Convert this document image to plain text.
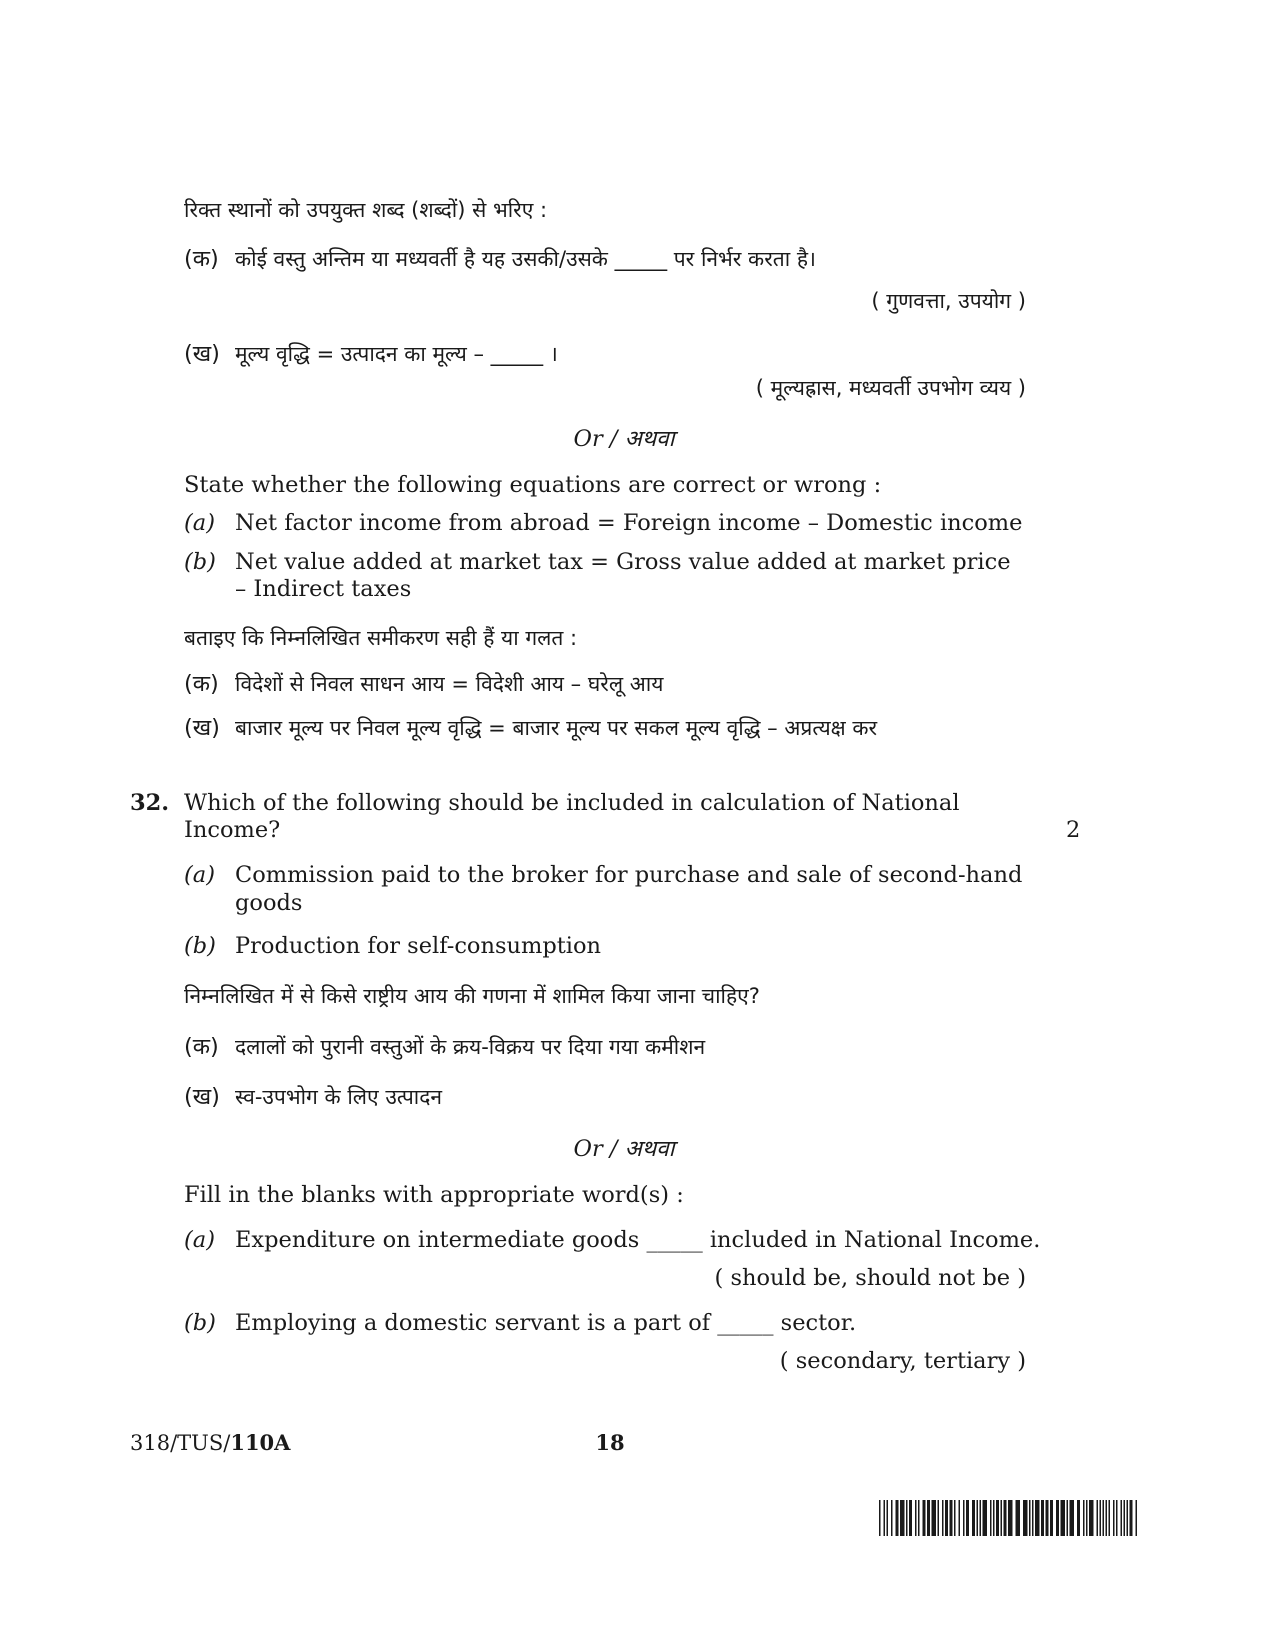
रिक्त स्थानों को उपयुक्त शब्द (शब्दों) से भरिए :
(क) कोई वस्तु अन्तिम या मध्यवर्ती है यह उसकी/उसके _____ पर निर्भर करता है।
( गुणवत्ता, उपयोग )
(ख) मूल्य वृद्धि = उत्पादन का मूल्य – _____ ।
( मूल्यह्रास, मध्यवर्ती उपभोग व्यय )
Or / अथवा
State whether the following equations are correct or wrong :
(a) Net factor income from abroad = Foreign income – Domestic income
(b) Net value added at market tax = Gross value added at market price
– Indirect taxes
बताइए कि निम्नलिखित समीकरण सही हैं या गलत :
(क) विदेशों से निवल साधन आय = विदेशी आय – घरेलू आय
(ख) बाजार मूल्य पर निवल मूल्य वृद्धि = बाजार मूल्य पर सकल मूल्य वृद्धि – अप्रत्यक्ष कर
32. Which of the following should be included in calculation of National
Income?	2
(a) Commission paid to the broker for purchase and sale of second-hand
goods
(b) Production for self-consumption
निम्नलिखित में से किसे राष्ट्रीय आय की गणना में शामिल किया जाना चाहिए?
(क) दलालों को पुरानी वस्तुओं के क्रय-विक्रय पर दिया गया कमीशन
(ख) स्व-उपभोग के लिए उत्पादन
Or / अथवा
Fill in the blanks with appropriate word(s) :
(a) Expenditure on intermediate goods _____ included in National Income.
( should be, should not be )
(b) Employing a domestic servant is a part of _____ sector.
( secondary, tertiary )
318/TUS/110A	18
